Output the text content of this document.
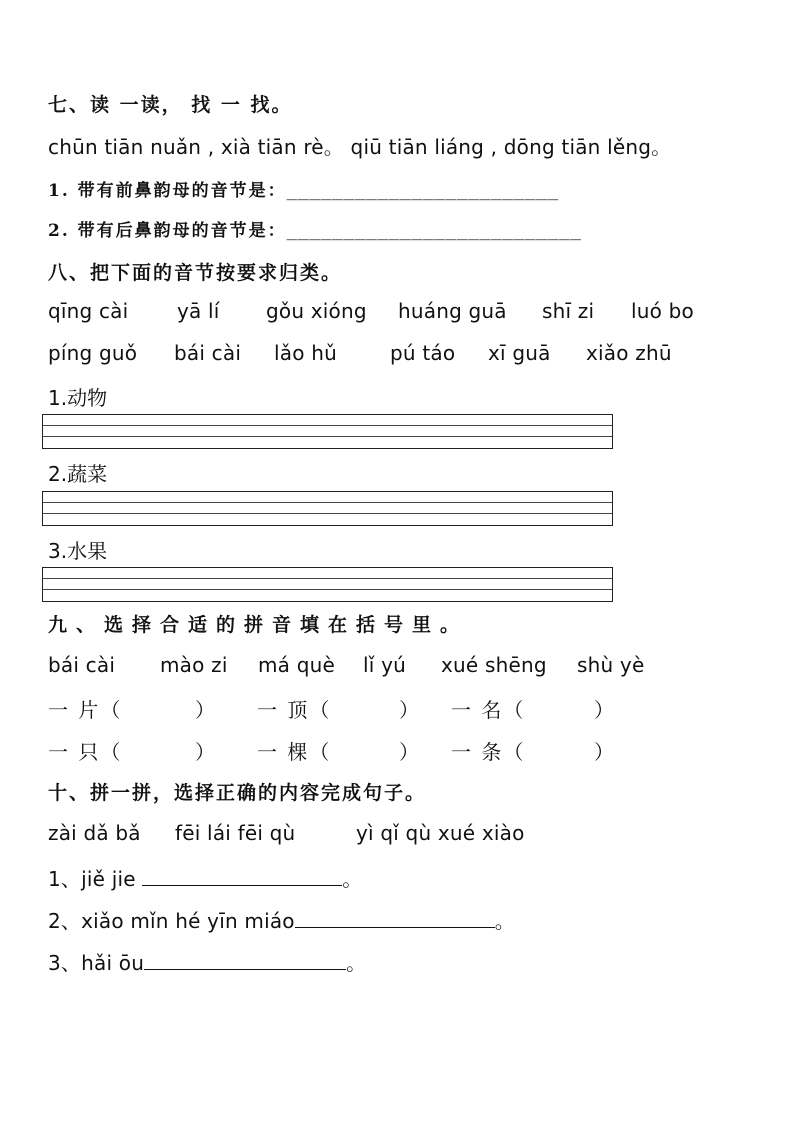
七、读 一读， 找 一 找。
chūn tiān nuǎn , xià tiān rè。 qiū tiān liáng , dōng tiān lěng。
1. 带有前鼻韵母的音节是：________________________
2. 带有后鼻韵母的音节是：__________________________
八、把下面的音节按要求归类。
qīng cài yā lí gǒu xióng huáng guā shī zi luó bo
píng guǒ bái cài lǎo hǔ	pú táo xī guā xiǎo zhū
1.动物
2.蔬菜
3.水果
九、选择合适的拼音填在括号里。
bái cài mào zi má què lǐ yú xué shēng shù yè
一 片（	） 一 顶（	） 一 名（	）
一 只（	） 一 棵（	） 一 条（	）
十、拼一拼，选择正确的内容完成句子。
zài dǎ bǎ fēi lái fēi qù	yì qǐ qù xué xiào
1、jiě jie	。
2、xiǎo mǐn hé yīn miáo	。
3、hǎi ōu	。
